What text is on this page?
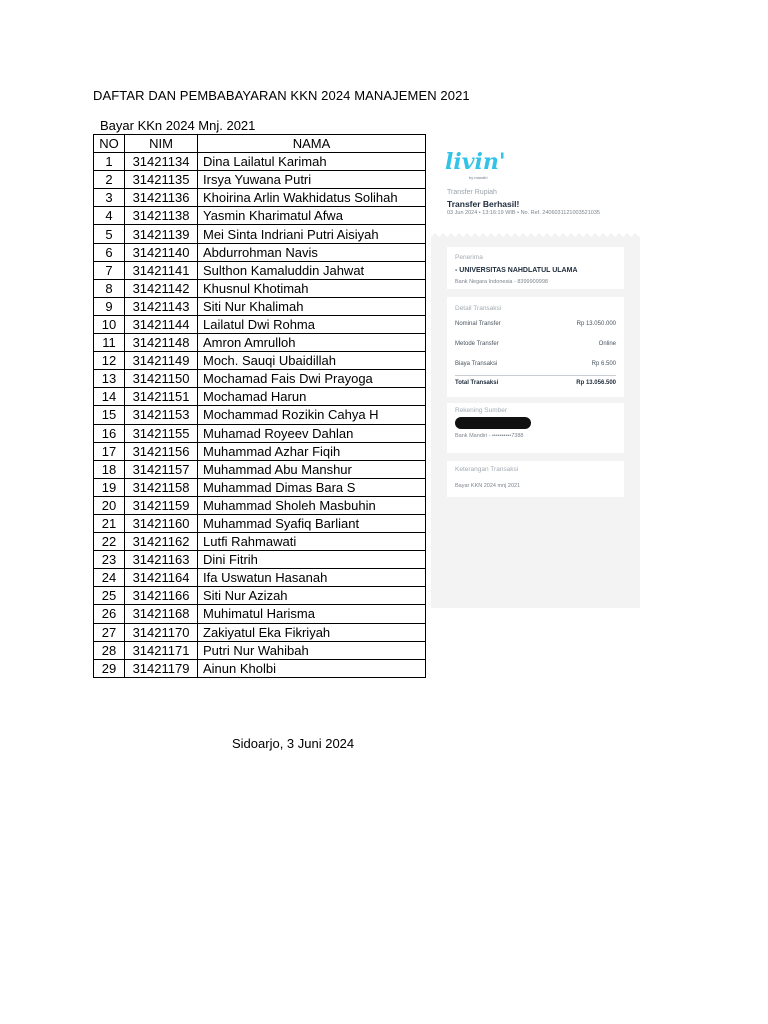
DAFTAR DAN PEMBABAYARAN KKN 2024 MANAJEMEN 2021
Bayar KKn 2024 Mnj. 2021
NO	NIM	NAMA
1	31421134	Dina Lailatul Karimah
2	31421135	Irsya Yuwana Putri
3	31421136	Khoirina Arlin Wakhidatus Solihah
4	31421138	Yasmin Kharimatul Afwa
5	31421139	Mei Sinta Indriani Putri Aisiyah
6	31421140	Abdurrohman Navis
7	31421141	Sulthon Kamaluddin Jahwat
8	31421142	Khusnul Khotimah
9	31421143	Siti Nur Khalimah
10	31421144	Lailatul Dwi Rohma
11	31421148	Amron Amrulloh
12	31421149	Moch. Sauqi Ubaidillah
13	31421150	Mochamad Fais Dwi Prayoga
14	31421151	Mochamad Harun
15	31421153	Mochammad Rozikin Cahya H
16	31421155	Muhamad Royeev Dahlan
17	31421156	Muhammad Azhar Fiqih
18	31421157	Muhammad Abu Manshur
19	31421158	Muhammad Dimas Bara S
20	31421159	Muhammad Sholeh Masbuhin
21	31421160	Muhammad Syafiq Barliant
22	31421162	Lutfi Rahmawati
23	31421163	Dini Fitrih
24	31421164	Ifa Uswatun Hasanah
25	31421166	Siti Nur Azizah
26	31421168	Muhimatul Harisma
27	31421170	Zakiyatul Eka Fikriyah
28	31421171	Putri Nur Wahibah
29	31421179	Ainun Kholbi
Sidoarjo, 3 Juni 2024
livin'
by mandiri
Transfer Rupiah
Transfer Berhasil!
03 Jun 2024 • 13:16:19 WIB • No. Ref. 2406031121003521035
Penerima
- UNIVERSITAS NAHDLATUL ULAMA
Bank Negara Indonesia - 8399909998
Detail Transaksi
Nominal Transfer	Rp 13.050.000
Metode Transfer	Online
Biaya Transaksi	Rp 6.500
Total Transaksi	Rp 13.056.500
Rekening Sumber
Bank Mandiri - ••••••••••7388
Keterangan Transaksi
Bayar KKN 2024 mnj 2021
